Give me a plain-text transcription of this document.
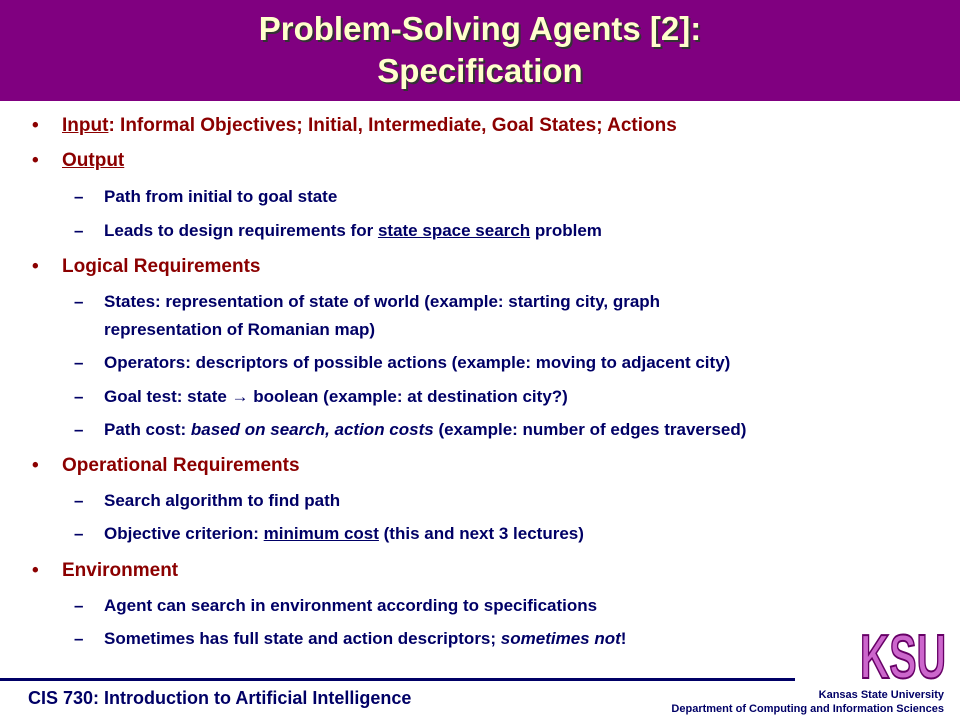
Problem-Solving Agents [2]:
Specification
• Input: Informal Objectives; Initial, Intermediate, Goal States; Actions
• Output
– Path from initial to goal state
– Leads to design requirements for state space search problem
• Logical Requirements
– States: representation of state of world (example: starting city, graph
representation of Romanian map)
– Operators: descriptors of possible actions (example: moving to adjacent city)
– Goal test: state → boolean (example: at destination city?)
– Path cost: based on search, action costs (example: number of edges traversed)
• Operational Requirements
– Search algorithm to find path
– Objective criterion: minimum cost (this and next 3 lectures)
• Environment
– Agent can search in environment according to specifications
– Sometimes has full state and action descriptors; sometimes not!
CIS 730: Introduction to Artificial Intelligence
KSU
Kansas State University
Department of Computing and Information Sciences
